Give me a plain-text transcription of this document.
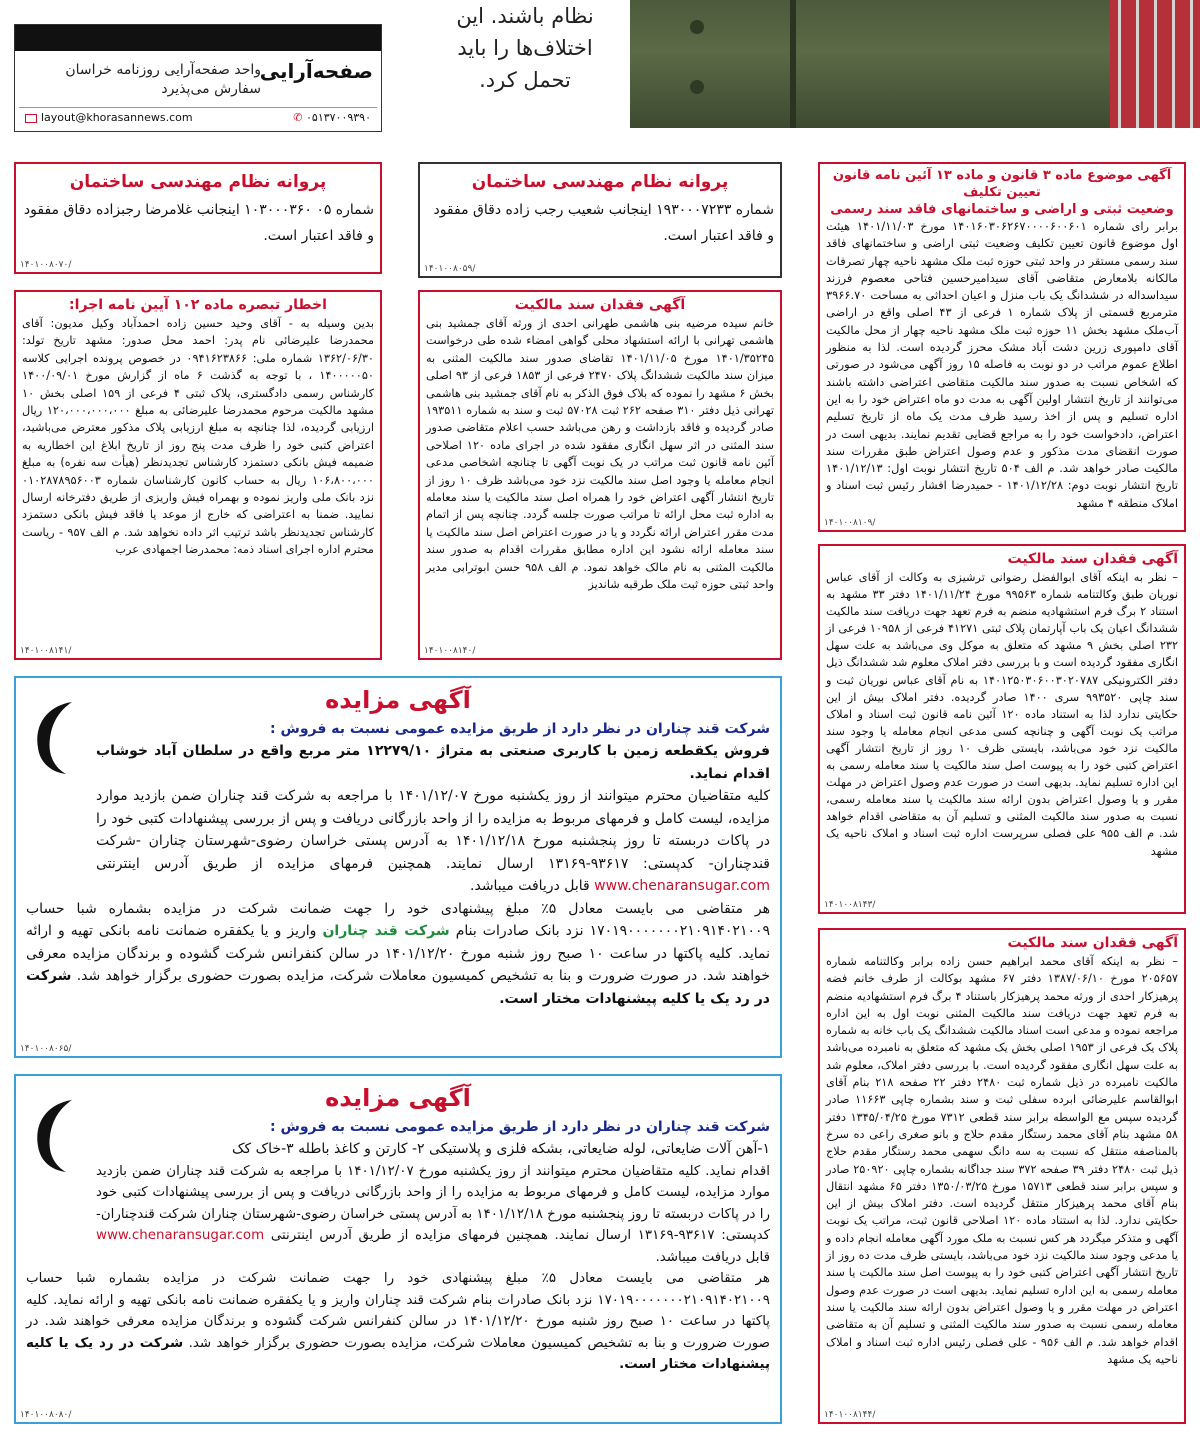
صفحه‌آرایی
واحد صفحه‌آرایی روزنامه خراسان
سفارش می‌پذیرد
layout@khorasannews.com	✆ ۰۵۱۳۷۰۰۹۳۹۰
نظام باشند. این
اختلاف‌ها را باید
تحمل کرد.
پروانه نظام مهندسی ساختمان

شماره ۱۹۳۰۰۰۷۲۳۳ اینجانب شعیب رجب زاده دقاق مفقود و فاقد اعتبار است.

۱۴۰۱۰۰۸۰۵۹/
پروانه نظام مهندسی ساختمان

شماره ۰۵ ۱۰۳۰۰۰۳۶۰ اینجانب غلامرضا رجبزاده دقاق مفقود و فاقد اعتبار است.

۱۴۰۱۰۰۸۰۷۰/
آگهی موضوع ماده ۳ قانون و ماده ۱۳ آئین نامه قانون تعیین تکلیف
وضعیت ثبتی و اراضی و ساختمانهای فاقد سند رسمی

برابر رای شماره ۱۴۰۱۶۰۳۰۶۲۶۷۰۰۰۰۶۰۰۶۰۱ مورخ ۱۴۰۱/۱۱/۰۳ هیئت اول موضوع قانون تعیین تکلیف وضعیت ثبتی اراضی و ساختمانهای فاقد سند رسمی مستقر در واحد ثبتی حوزه ثبت ملک مشهد ناحیه چهار تصرفات مالکانه بلامعارض متقاضی آقای سیدامیرحسین فتاحی معصوم فرزند سیداسداله در ششدانگ یک باب منزل و اعیان احداثی به مساحت ۳۹۶۶.۷۰ مترمربع قسمتی از پلاک شماره ۱ فرعی از ۴۳ اصلی واقع در اراضی آب‌ملک مشهد بخش ۱۱ حوزه ثبت ملک مشهد ناحیه چهار از محل مالکیت آقای دامپوری زرین دشت آباد مشک محرز گردیده است. لذا به منظور اطلاع عموم مراتب در دو نوبت به فاصله ۱۵ روز آگهی می‌شود در صورتی که اشخاص نسبت به صدور سند مالکیت متقاضی اعتراضی داشته باشند می‌توانند از تاریخ انتشار اولین آگهی به مدت دو ماه اعتراض خود را به این اداره تسلیم و پس از اخذ رسید ظرف مدت یک ماه از تاریخ تسلیم اعتراض، دادخواست خود را به مراجع قضایی تقدیم نمایند. بدیهی است در صورت انقضای مدت مذکور و عدم وصول اعتراض طبق مقررات سند مالکیت صادر خواهد شد. م الف ۵۰۴ تاریخ انتشار نوبت اول: ۱۴۰۱/۱۲/۱۳ تاریخ انتشار نوبت دوم: ۱۴۰۱/۱۲/۲۸ - حمیدرضا افشار رئیس ثبت اسناد و املاک منطقه ۴ مشهد

۱۴۰۱۰۰۸۱۰۹/
آگهی فقدان سند مالکیت

– نظر به اینکه آقای ابوالفضل رضوانی ترشیزی به وکالت از آقای عباس نوریان طبق وکالتنامه شماره ۹۹۵۶۳ مورخ ۱۴۰۱/۱۱/۲۴ دفتر ۳۳ مشهد به استناد ۲ برگ فرم استشهادیه منضم به فرم تعهد جهت دریافت سند مالکیت ششدانگ اعیان یک باب آپارتمان پلاک ثبتی ۴۱۲۷۱ فرعی از ۱۰۹۵۸ فرعی از ۲۳۲ اصلی بخش ۹ مشهد که متعلق به موکل وی می‌باشد به علت سهل انگاری مفقود گردیده است و با بررسی دفتر املاک معلوم شد ششدانگ ذیل دفتر الکترونیکی ۱۴۰۱۲۵۰۳۰۶۰۰۳۰۲۰۷۸۷ به نام آقای عباس نوریان ثبت و سند چاپی ۹۹۳۵۲۰ سری ۱۴۰۰ صادر گردیده. دفتر املاک بیش از این حکایتی ندارد لذا به استناد ماده ۱۲۰ آئین نامه قانون ثبت اسناد و املاک مراتب یک نوبت آگهی و چنانچه کسی مدعی انجام معامله یا وجود سند مالکیت نزد خود می‌باشد، بایستی ظرف ۱۰ روز از تاریخ انتشار آگهی اعتراض کتبی خود را به پیوست اصل سند مالکیت یا سند معامله رسمی به این اداره تسلیم نماید. بدیهی است در صورت عدم وصول اعتراض در مهلت مقرر و یا وصول اعتراض بدون ارائه سند مالکیت یا سند معامله رسمی، نسبت به صدور سند مالکیت المثنی و تسلیم آن به متقاضی اقدام خواهد شد. م الف ۹۵۵ علی فصلی سرپرست اداره ثبت اسناد و املاک ناحیه یک مشهد

۱۴۰۱۰۰۸۱۴۳/
آگهی فقدان سند مالکیت

– نظر به اینکه آقای محمد ابراهیم حسن زاده برابر وکالتنامه شماره ۲۰۵۶۵۷ مورخ ۱۳۸۷/۰۶/۱۰ دفتر ۶۷ مشهد بوکالت از طرف خانم فضه پرهیزکار احدی از ورثه محمد پرهیزکار باستناد ۴ برگ فرم استشهادیه منضم به فرم تعهد جهت دریافت سند مالکیت المثنی نوبت اول به این اداره مراجعه نموده و مدعی است اسناد مالکیت ششدانگ یک باب خانه به شماره پلاک یک فرعی از ۱۹۵۳ اصلی بخش یک مشهد که متعلق به نامبرده می‌باشد به علت سهل انگاری مفقود گردیده است. با بررسی دفتر املاک، معلوم شد مالکیت نامبرده در ذیل شماره ثبت ۲۴۸۰ دفتر ۲۲ صفحه ۲۱۸ بنام آقای ابوالقاسم علیرضائی ابرده سفلی ثبت و سند بشماره چاپی ۱۱۶۶۳ صادر گردیده سپس مع الواسطه برابر سند قطعی ۷۳۱۲ مورخ ۱۳۴۵/۰۴/۲۵ دفتر ۵۸ مشهد بنام آقای محمد رستگار مقدم حلاج و بانو صغری راعی ده سرخ بالمناصفه منتقل که نسبت به سه دانگ سهمی محمد رستگار مقدم حلاج ذیل ثبت ۲۴۸۰ دفتر ۳۹ صفحه ۳۷۲ سند جداگانه بشماره چاپی ۲۵۰۹۲۰ صادر و سپس برابر سند قطعی ۱۵۷۱۳ مورخ ۱۳۵۰/۰۳/۲۵ دفتر ۶۵ مشهد انتقال بنام آقای محمد پرهیزکار منتقل گردیده است. دفتر املاک بیش از این حکایتی ندارد. لذا به استناد ماده ۱۲۰ اصلاحی قانون ثبت، مراتب یک نوبت آگهی و متذکر میگردد هر کس نسبت به ملک مورد آگهی معامله انجام داده و یا مدعی وجود سند مالکیت نزد خود می‌باشد، بایستی ظرف مدت ده روز از تاریخ انتشار آگهی اعتراض کتبی خود را به پیوست اصل سند مالکیت یا سند معامله رسمی به این اداره تسلیم نماید. بدیهی است در صورت عدم وصول اعتراض در مهلت مقرر و یا وصول اعتراض بدون ارائه سند مالکیت یا سند معامله رسمی نسبت به صدور سند مالکیت المثنی و تسلیم آن به متقاضی اقدام خواهد شد. م الف ۹۵۶ - علی فصلی رئیس اداره ثبت اسناد و املاک ناحیه یک مشهد

۱۴۰۱۰۰۸۱۴۴/
آگهی فقدان سند مالکیت

خانم سیده مرضیه بنی هاشمی طهرانی احدی از ورثه آقای جمشید بنی هاشمی تهرانی با ارائه استشهاد محلی گواهی امضاء شده طی درخواست ۱۴۰۱/۳۵۲۴۵ مورخ ۱۴۰۱/۱۱/۰۵ تقاضای صدور سند مالکیت المثنی به میزان سند مالکیت ششدانگ پلاک ۲۴۷۰ فرعی از ۱۸۵۳ فرعی از ۹۳ اصلی بخش ۶ مشهد را نموده که بلاک فوق الذکر به نام آقای جمشید بنی هاشمی تهرانی ذیل دفتر ۳۱۰ صفحه ۲۶۲ ثبت ۵۷۰۲۸ ثبت و سند به شماره ۱۹۳۵۱۱ صادر گردیده و فاقد بازداشت و رهن می‌باشد حسب اعلام متقاضی صدور سند المثنی در اثر سهل انگاری مفقود شده در اجرای ماده ۱۲۰ اصلاحی آئین نامه قانون ثبت مراتب در یک نوبت آگهی تا چنانچه اشخاصی مدعی انجام معامله یا وجود اصل سند مالکیت نزد خود می‌باشد ظرف ۱۰ روز از تاریخ انتشار آگهی اعتراض خود را همراه اصل سند مالکیت یا سند معامله به اداره ثبت محل ارائه تا مراتب صورت جلسه گردد. چنانچه پس از اتمام مدت مقرر اعتراض ارائه نگردد و یا در صورت اعتراض اصل سند مالکیت یا سند معامله ارائه نشود این اداره مطابق مقررات اقدام به صدور سند مالکیت المثنی به نام مالک خواهد نمود. م الف ۹۵۸ حسن ابوترابی مدیر واحد ثبتی حوزه ثبت ملک طرقبه شاندیز

۱۴۰۱۰۰۸۱۴۰/
اخطار تبصره ماده ۱۰۲ آیین نامه اجرا:

بدین وسیله به - آقای وحید حسین زاده احمدآباد وکیل مدیون: آقای محمدرضا علیرضائی نام پدر: احمد محل صدور: مشهد تاریخ تولد: ۱۳۶۲/۰۶/۳۰ شماره ملی: ۰۹۴۱۶۲۳۸۶۶ در خصوص پرونده اجرایی کلاسه ۱۴۰۰۰۰۰۵۰ ، با توجه به گذشت ۶ ماه از گزارش مورخ ۱۴۰۰/۰۹/۰۱ کارشناس رسمی دادگستری، پلاک ثبتی ۴ فرعی از ۱۵۹ اصلی بخش ۱۰ مشهد مالکیت مرحوم محمدرضا علیرضائی به مبلغ ۱۲۰،۰۰۰،۰۰۰،۰۰۰ ریال ارزیابی گردیده، لذا چنانچه به مبلغ ارزیابی پلاک مذکور معترض می‌باشید، اعتراض کتبی خود را ظرف مدت پنج روز از تاریخ ابلاغ این اخطاریه به ضمیمه فیش بانکی دستمزد کارشناس تجدیدنظر (هیأت سه نفره) به مبلغ ۱۰۶،۸۰۰،۰۰۰ ریال به حساب کانون کارشناسان شماره ۰۱۰۲۸۷۸۹۵۶۰۰۳ نزد بانک ملی واریز نموده و بهمراه فیش واریزی از طریق دفترخانه ارسال نمایید. ضمنا به اعتراضی که خارج از موعد یا فاقد فیش بانکی دستمزد کارشناس تجدیدنظر باشد ترتیب اثر داده نخواهد شد. م الف ۹۵۷ - ریاست محترم اداره اجرای اسناد ذمه: محمدرضا اجمهادی عرب

۱۴۰۱۰۰۸۱۴۱/
آگهی مزایده
شرکت قند چناران در نظر دارد از طریق مزایده عمومی نسبت به فروش :

فروش یکقطعه زمین با کاربری صنعتی به متراژ ۱۲۲۷۹/۱۰ متر مربع واقع در سلطان آباد خوشاب اقدام نماید.

کلیه متقاضیان محترم میتوانند از روز یکشنبه مورخ ۱۴۰۱/۱۲/۰۷ با مراجعه به شرکت قند چناران ضمن بازدید موارد مزایده، لیست کامل و فرمهای مربوط به مزایده را از واحد بازرگانی دریافت و پس از بررسی پیشنهادات کتبی خود را در پاکات دربسته تا روز پنجشنبه مورخ ۱۴۰۱/۱۲/۱۸ به آدرس پستی خراسان رضوی-شهرستان چناران -شرکت قندچناران- کدپستی: ۹۳۶۱۷-۱۳۱۶۹ ارسال نمایند. همچنین فرمهای مزایده از طریق آدرس اینترنتی www.chenaransugar.com قابل دریافت میباشد.

هر متقاضی می بایست معادل ۵٪ مبلغ پیشنهادی خود را جهت ضمانت شرکت در مزایده بشماره شبا حساب ۱۷۰۱۹۰۰۰۰۰۰۰۲۱۰۹۱۴۰۲۱۰۰۹ نزد بانک صادرات بنام شرکت قند چناران واریز و یا یکفقره ضمانت نامه بانکی تهیه و ارائه نماید. کلیه پاکتها در ساعت ۱۰ صبح روز شنبه مورخ ۱۴۰۱/۱۲/۲۰ در سالن کنفرانس شرکت گشوده و برندگان مزایده معرفی خواهند شد. در صورت ضرورت و بنا به تشخیص کمیسیون معاملات شرکت، مزایده بصورت حضوری برگزار خواهد شد. شرکت در رد یک یا کلیه پیشنهادات مختار است.

۱۴۰۱۰۰۸۰۶۵/
آگهی مزایده
شرکت قند چناران در نظر دارد از طریق مزایده عمومی نسبت به فروش :

۱-آهن آلات ضایعاتی، لوله ضایعاتی، بشکه فلزی و پلاستیکی ۲- کارتن و کاغذ باطله ۳-خاک کک

اقدام نماید. کلیه متقاضیان محترم میتوانند از روز یکشنبه مورخ ۱۴۰۱/۱۲/۰۷ با مراجعه به شرکت قند چناران ضمن بازدید موارد مزایده، لیست کامل و فرمهای مربوط به مزایده را از واحد بازرگانی دریافت و پس از بررسی پیشنهادات کتبی خود را در پاکات دربسته تا روز پنجشنبه مورخ ۱۴۰۱/۱۲/۱۸ به آدرس پستی خراسان رضوی-شهرستان چناران شرکت قندچناران- کدپستی: ۹۳۶۱۷-۱۳۱۶۹ ارسال نمایند. همچنین فرمهای مزایده از طریق آدرس اینترنتی www.chenaransugar.com قابل دریافت میباشد.

هر متقاضی می بایست معادل ۵٪ مبلغ پیشنهادی خود را جهت ضمانت شرکت در مزایده بشماره شبا حساب ۱۷۰۱۹۰۰۰۰۰۰۰۲۱۰۹۱۴۰۲۱۰۰۹ نزد بانک صادرات بنام شرکت قند چناران واریز و یا یکفقره ضمانت نامه بانکی تهیه و ارائه نماید. کلیه پاکتها در ساعت ۱۰ صبح روز شنبه مورخ ۱۴۰۱/۱۲/۲۰ در سالن کنفرانس شرکت گشوده و برندگان مزایده معرفی خواهند شد. در صورت ضرورت و بنا به تشخیص کمیسیون معاملات شرکت، مزایده بصورت حضوری برگزار خواهد شد. شرکت در رد یک یا کلیه پیشنهادات مختار است.

۱۴۰۱۰۰۸۰۸۰/
